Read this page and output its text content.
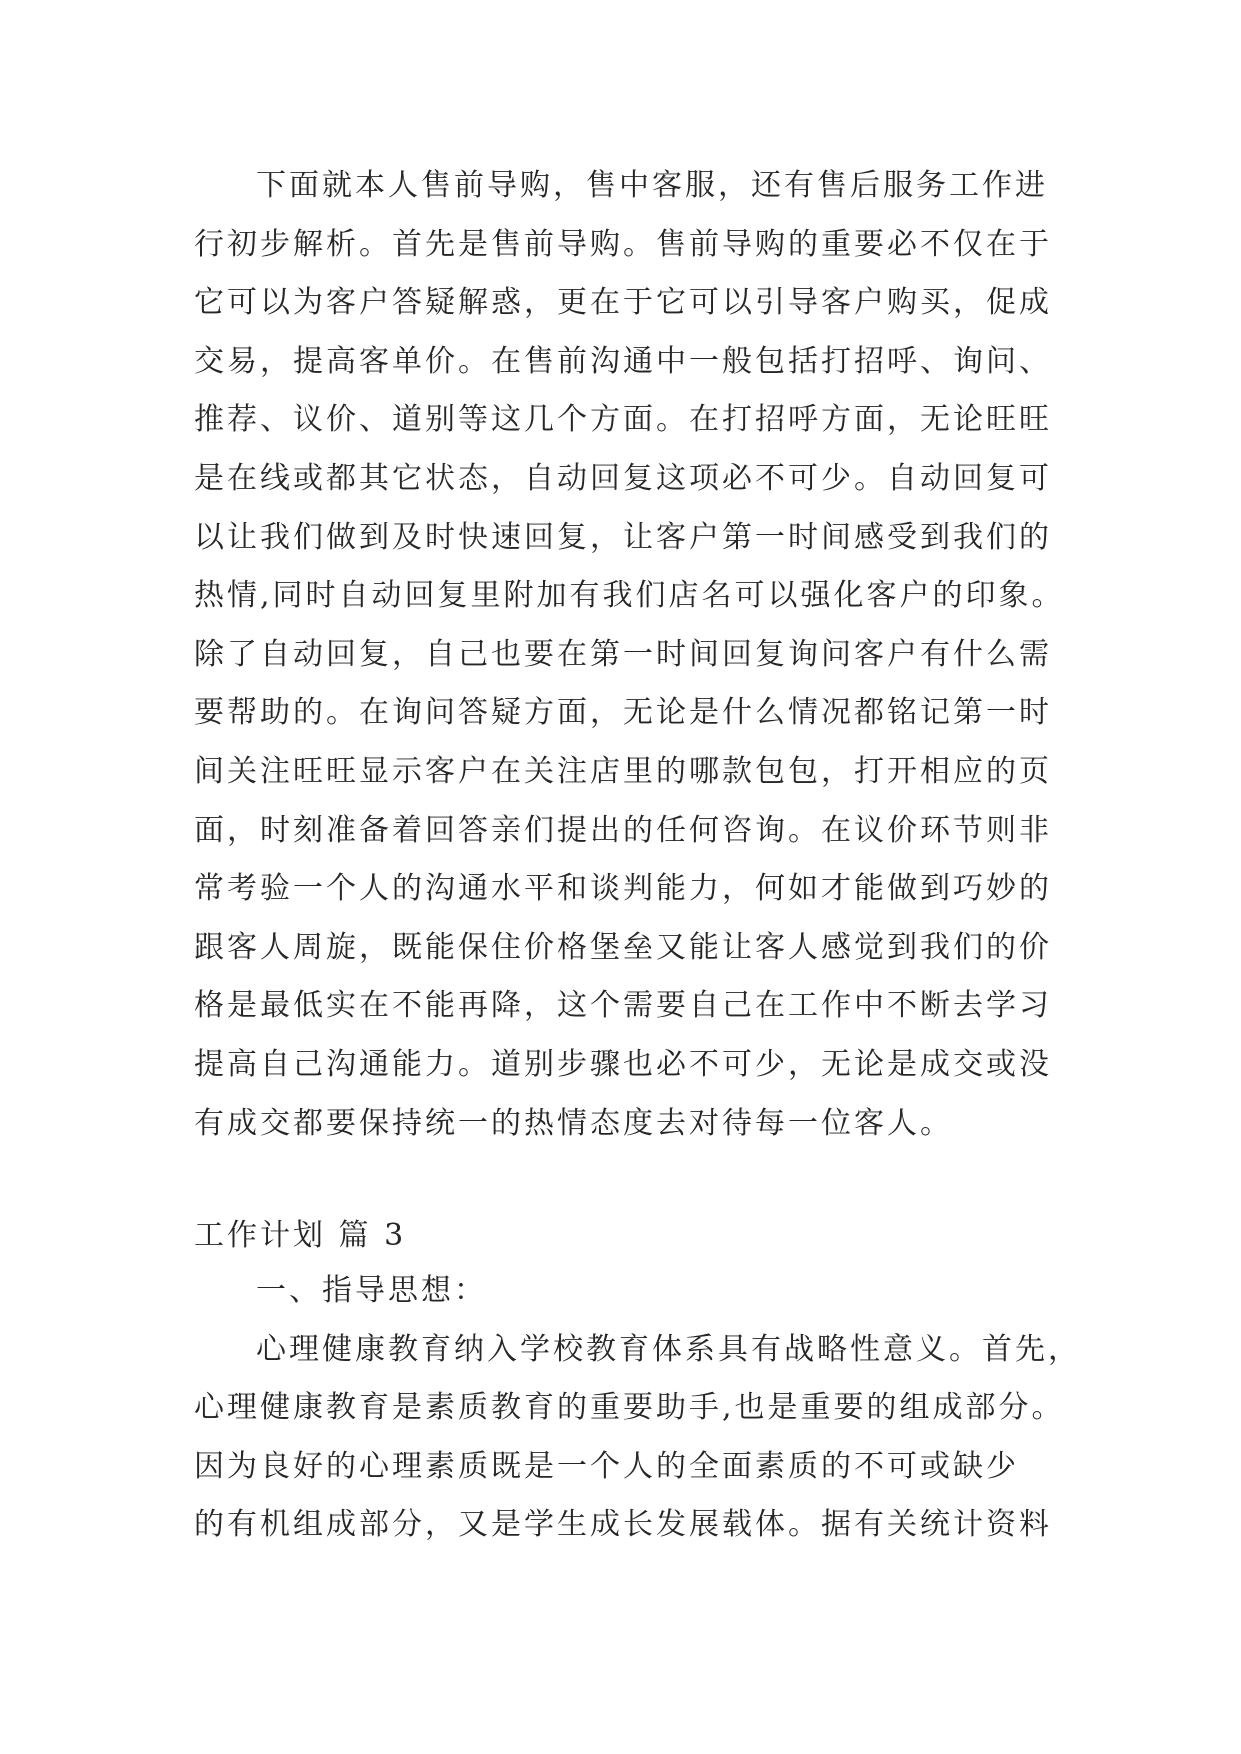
下面就本人售前导购，售中客服，还有售后服务工作进
行初步解析。首先是售前导购。售前导购的重要必不仅在于
它可以为客户答疑解惑，更在于它可以引导客户购买，促成
交易，提高客单价。在售前沟通中一般包括打招呼、询问、
推荐、议价、道别等这几个方面。在打招呼方面，无论旺旺
是在线或都其它状态，自动回复这项必不可少。自动回复可
以让我们做到及时快速回复，让客户第一时间感受到我们的
热情,同时自动回复里附加有我们店名可以强化客户的印象。
除了自动回复，自己也要在第一时间回复询问客户有什么需
要帮助的。在询问答疑方面，无论是什么情况都铭记第一时
间关注旺旺显示客户在关注店里的哪款包包，打开相应的页
面，时刻准备着回答亲们提出的任何咨询。在议价环节则非
常考验一个人的沟通水平和谈判能力，何如才能做到巧妙的
跟客人周旋，既能保住价格堡垒又能让客人感觉到我们的价
格是最低实在不能再降，这个需要自己在工作中不断去学习
提高自己沟通能力。道别步骤也必不可少，无论是成交或没
有成交都要保持统一的热情态度去对待每一位客人。
工作计划 篇 3
一、指导思想：
心理健康教育纳入学校教育体系具有战略性意义。首先，
心理健康教育是素质教育的重要助手,也是重要的组成部分。
因为良好的心理素质既是一个人的全面素质的不可或缺少
的有机组成部分，又是学生成长发展载体。据有关统计资料
